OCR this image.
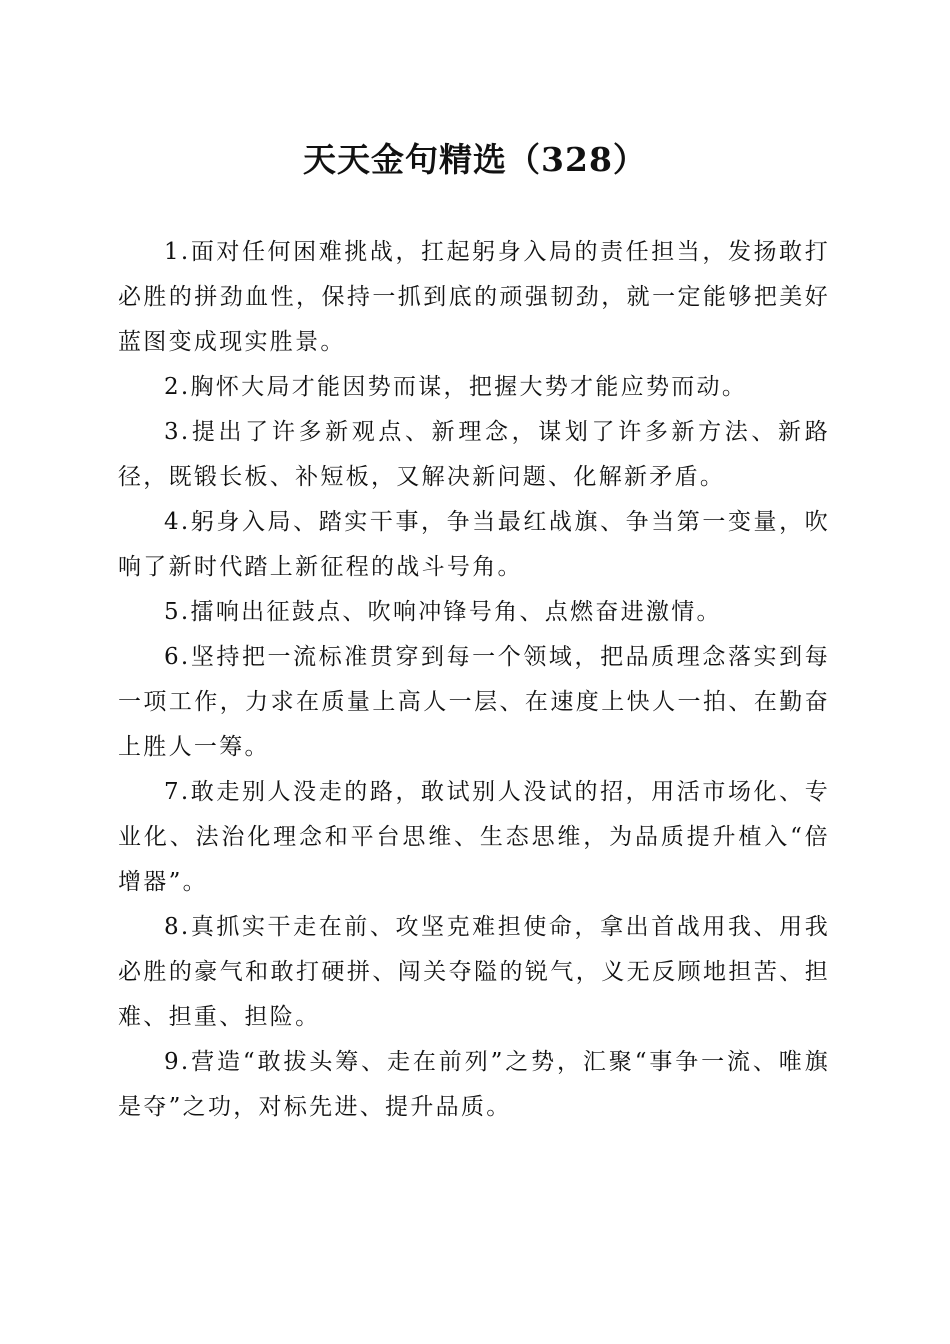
天天金句精选（328）

1.面对任何困难挑战，扛起躬身入局的责任担当，发扬敢打必胜的拼劲血性，保持一抓到底的顽强韧劲，就一定能够把美好蓝图变成现实胜景。

2.胸怀大局才能因势而谋，把握大势才能应势而动。

3.提出了许多新观点、新理念，谋划了许多新方法、新路径，既锻长板、补短板，又解决新问题、化解新矛盾。

4.躬身入局、踏实干事，争当最红战旗、争当第一变量，吹响了新时代踏上新征程的战斗号角。

5.擂响出征鼓点、吹响冲锋号角、点燃奋进激情。

6.坚持把一流标准贯穿到每一个领域，把品质理念落实到每一项工作，力求在质量上高人一层、在速度上快人一拍、在勤奋上胜人一筹。

7.敢走别人没走的路，敢试别人没试的招，用活市场化、专业化、法治化理念和平台思维、生态思维，为品质提升植入“倍增器”。

8.真抓实干走在前、攻坚克难担使命，拿出首战用我、用我必胜的豪气和敢打硬拼、闯关夺隘的锐气，义无反顾地担苦、担难、担重、担险。

9.营造“敢拔头筹、走在前列”之势，汇聚“事争一流、唯旗是夺”之功，对标先进、提升品质。
